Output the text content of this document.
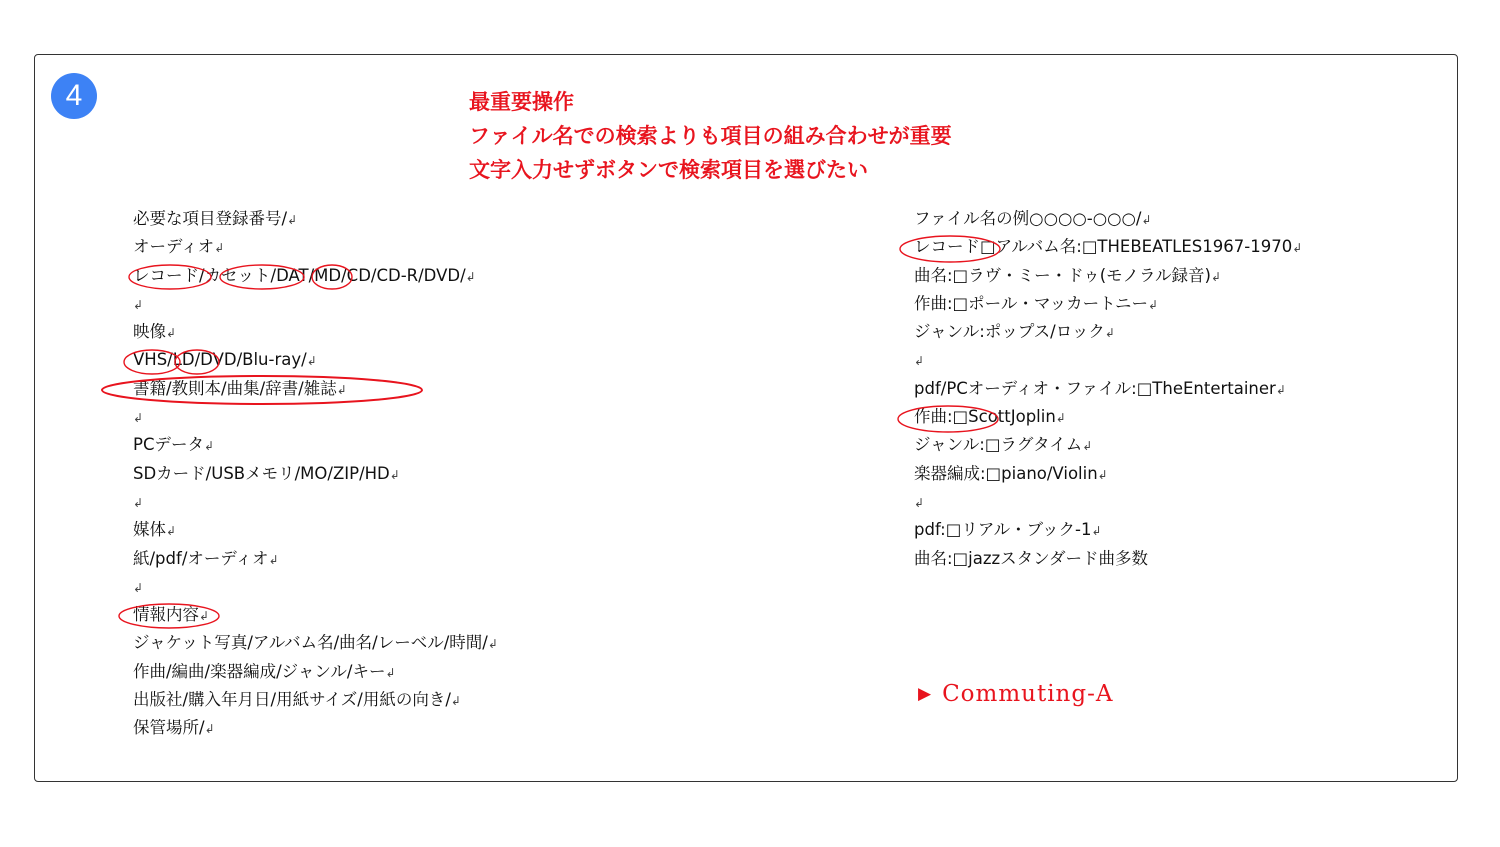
4	最重要操作
ファイル名での検索よりも項目の組み合わせが重要
文字入力せずボタンで検索項目を選びたい
必要な項目登録番号/↲
オーディオ↲
レコード/カセット/DAT/MD/CD/CD-R/DVD/↲
↲
映像↲
VHS/LD/DVD/Blu-ray/↲
書籍/教則本/曲集/辞書/雑誌↲
↲
PCデータ↲
SDカード/USBメモリ/MO/ZIP/HD↲
↲
媒体↲
紙/pdf/オーディオ↲
↲
情報内容↲
ジャケット写真/アルバム名/曲名/レーベル/時間/↲
作曲/編曲/楽器編成/ジャンル/キー↲
出版社/購入年月日/用紙サイズ/用紙の向き/↲
保管場所/↲
ファイル名の例○○○○-○○○/↲
レコード□アルバム名:□THEBEATLES1967-1970↲
曲名:□ラヴ・ミー・ドゥ(モノラル録音)↲
作曲:□ポール・マッカートニー↲
ジャンル:ポップス/ロック↲
↲
pdf/PCオーディオ・ファイル:□TheEntertainer↲
作曲:□ScottJoplin↲
ジャンル:□ラグタイム↲
楽器編成:□piano/Violin↲
↲
pdf:□リアル・ブック-1↲
曲名:□jazzスタンダード曲多数
▶ Commuting-A
